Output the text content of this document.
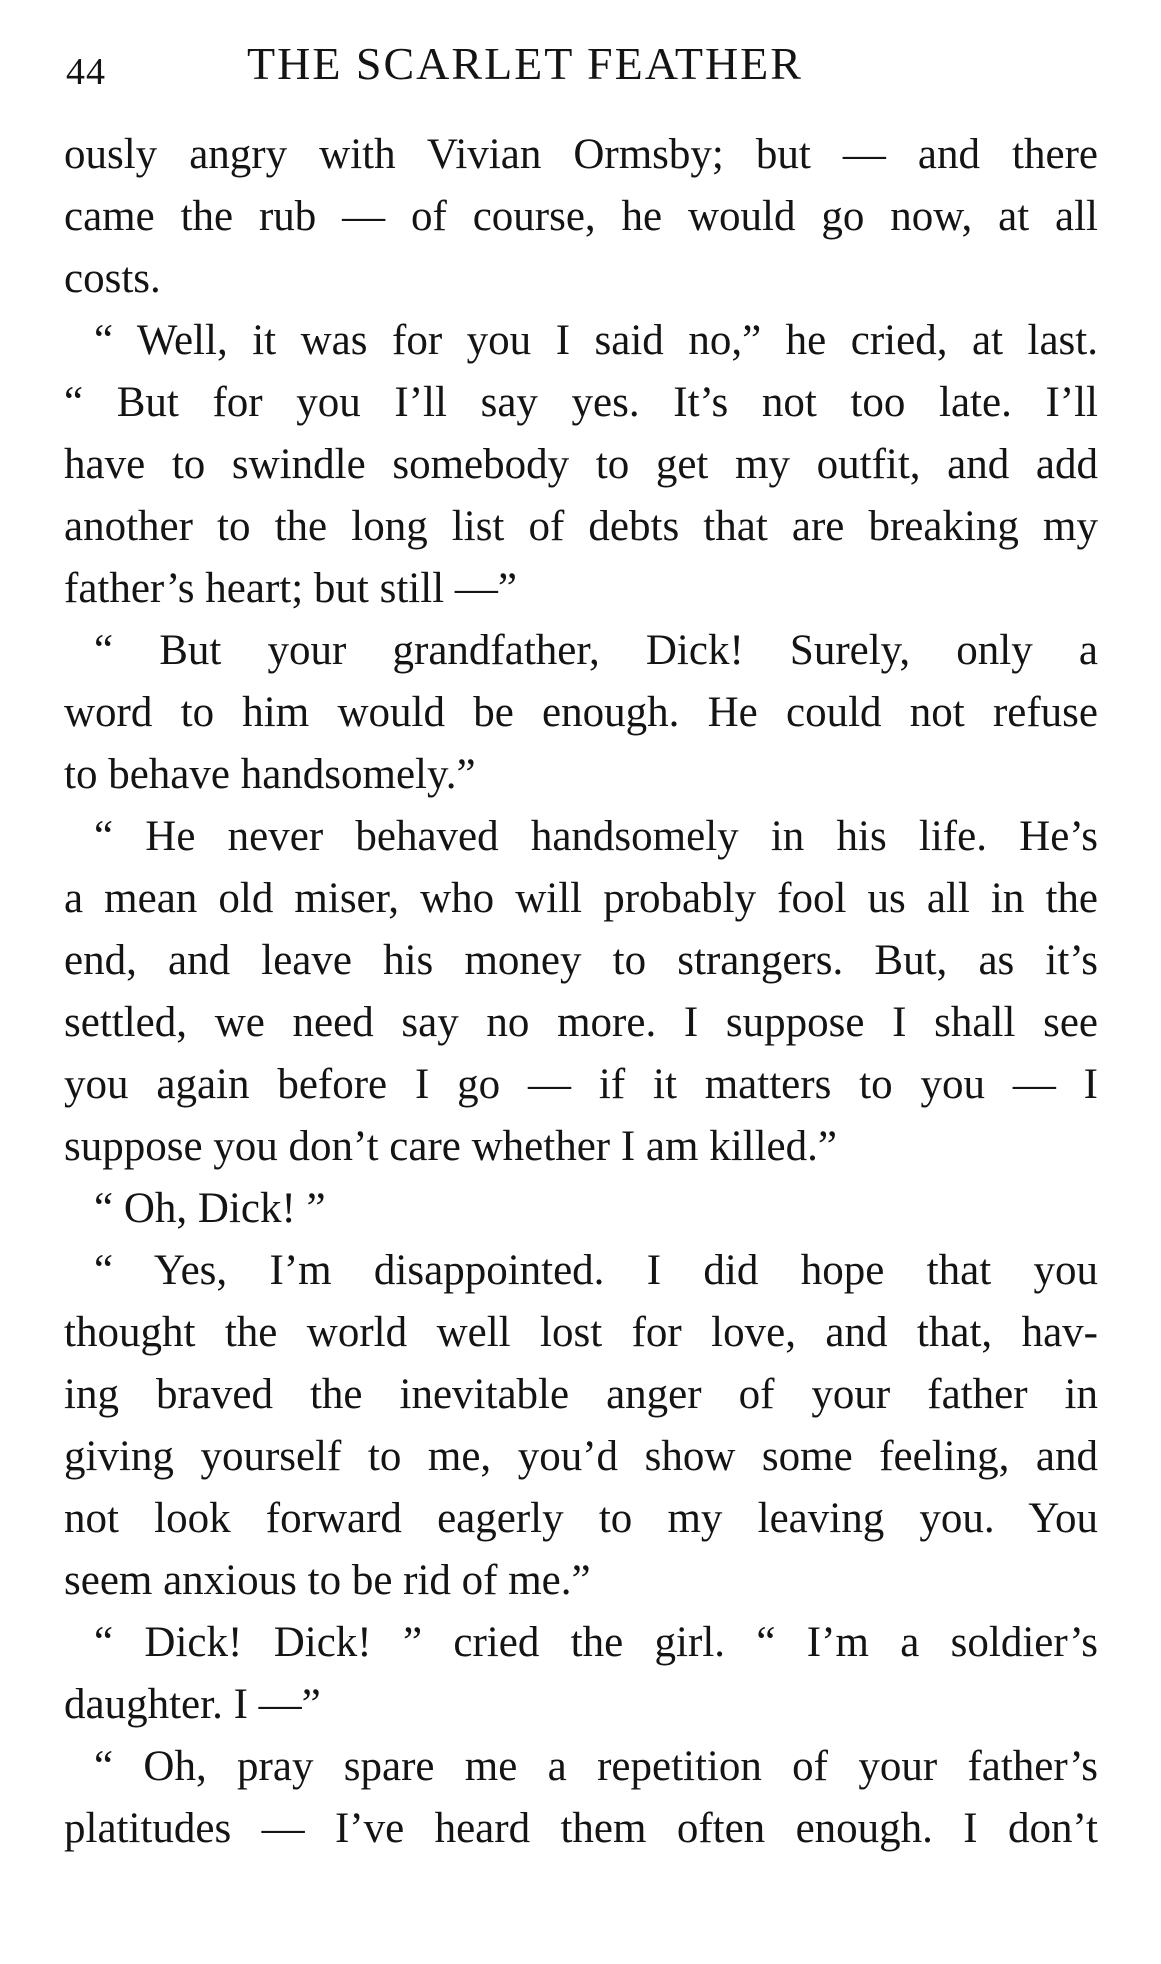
44	THE SCARLET FEATHER
ously angry with Vivian Ormsby; but — and there
came the rub — of course, he would go now, at all
costs.
“ Well, it was for you I said no,” he cried, at last.
“ But for you I’ll say yes. It’s not too late. I’ll
have to swindle somebody to get my outfit, and add
another to the long list of debts that are breaking my
father’s heart; but still —”
“ But your grandfather, Dick! Surely, only a
word to him would be enough. He could not refuse
to behave handsomely.”
“ He never behaved handsomely in his life. He’s
a mean old miser, who will probably fool us all in the
end, and leave his money to strangers. But, as it’s
settled, we need say no more. I suppose I shall see
you again before I go — if it matters to you — I
suppose you don’t care whether I am killed.”
“ Oh, Dick! ”
“ Yes, I’m disappointed. I did hope that you
thought the world well lost for love, and that, hav-
ing braved the inevitable anger of your father in
giving yourself to me, you’d show some feeling, and
not look forward eagerly to my leaving you. You
seem anxious to be rid of me.”
“ Dick! Dick! ” cried the girl. “ I’m a soldier’s
daughter. I —”
“ Oh, pray spare me a repetition of your father’s
platitudes — I’ve heard them often enough. I don’t
